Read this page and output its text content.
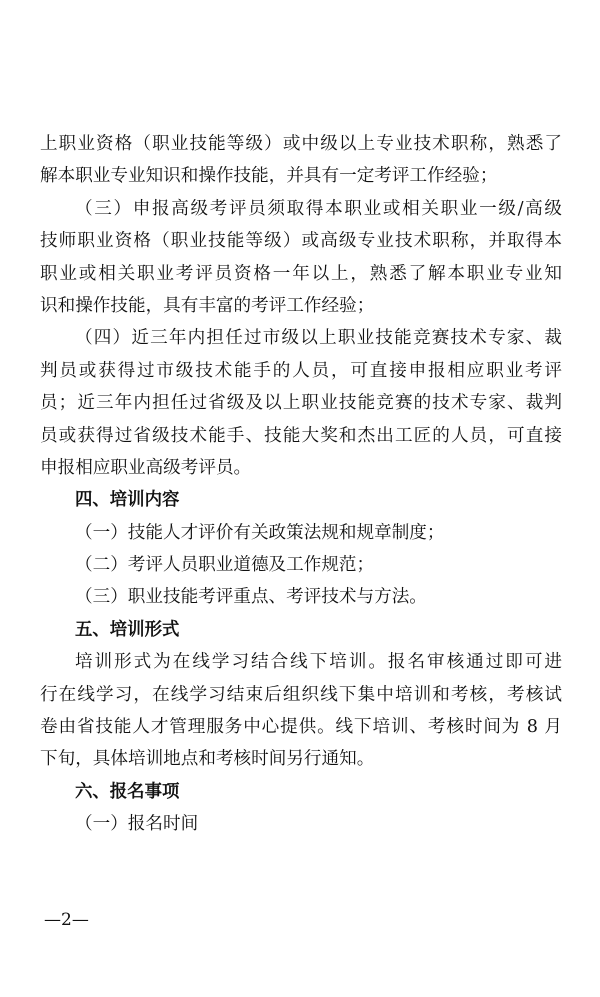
上职业资格（职业技能等级）或中级以上专业技术职称，熟悉了
解本职业专业知识和操作技能，并具有一定考评工作经验；
（三）申报高级考评员须取得本职业或相关职业一级/高级
技师职业资格（职业技能等级）或高级专业技术职称，并取得本
职业或相关职业考评员资格一年以上，熟悉了解本职业专业知
识和操作技能，具有丰富的考评工作经验；
（四）近三年内担任过市级以上职业技能竞赛技术专家、裁
判员或获得过市级技术能手的人员，可直接申报相应职业考评
员；近三年内担任过省级及以上职业技能竞赛的技术专家、裁判
员或获得过省级技术能手、技能大奖和杰出工匠的人员，可直接
申报相应职业高级考评员。
四、培训内容
（一）技能人才评价有关政策法规和规章制度；
（二）考评人员职业道德及工作规范；
（三）职业技能考评重点、考评技术与方法。
五、培训形式
培训形式为在线学习结合线下培训。报名审核通过即可进
行在线学习，在线学习结束后组织线下集中培训和考核，考核试
卷由省技能人才管理服务中心提供。线下培训、考核时间为 8 月
下旬，具体培训地点和考核时间另行通知。
六、报名事项
（一）报名时间
—2—
